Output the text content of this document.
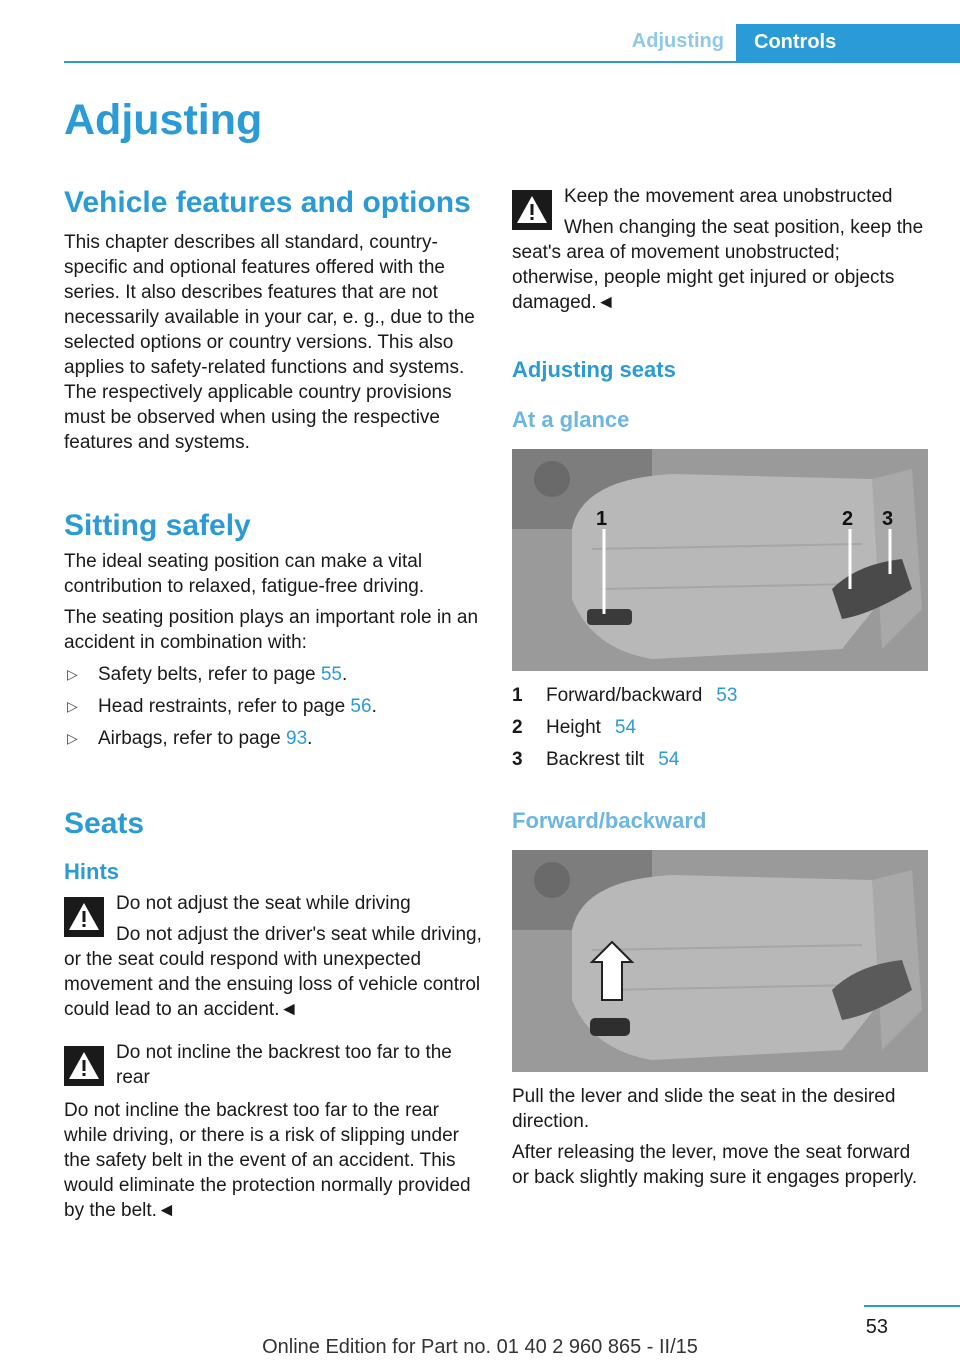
Adjusting	Controls
Adjusting
Vehicle features and options

This chapter describes all standard, country-specific and optional features offered with the series. It also describes features that are not necessarily available in your car, e. g., due to the selected options or country versions. This also applies to safety-related functions and systems. The respectively applicable country provisions must be observed when using the respective features and systems.

Sitting safely

The ideal seating position can make a vital contribution to relaxed, fatigue-free driving.

The seating position plays an important role in an accident in combination with:

▷ Safety belts, refer to page 55.
▷ Head restraints, refer to page 56.
▷ Airbags, refer to page 93.
Seats
Hints
Do not adjust the seat while driving

Do not adjust the driver's seat while driving, or the seat could respond with unexpected movement and the ensuing loss of vehicle control could lead to an accident.◄

Do not incline the backrest too far to the rear

Do not incline the backrest too far to the rear while driving, or there is a risk of slipping under the safety belt in the event of an accident. This would eliminate the protection normally provided by the belt.◄

Keep the movement area unobstructed

When changing the seat position, keep the seat's area of movement unobstructed; otherwise, people might get injured or objects damaged.◄

Adjusting seats
At a glance
1	2 3
1	Forward/backward 53
2	Height 54
3	Backrest tilt 54
Forward/backward

Pull the lever and slide the seat in the desired direction.

After releasing the lever, move the seat forward or back slightly making sure it engages properly.

53
Online Edition for Part no. 01 40 2 960 865 - II/15
